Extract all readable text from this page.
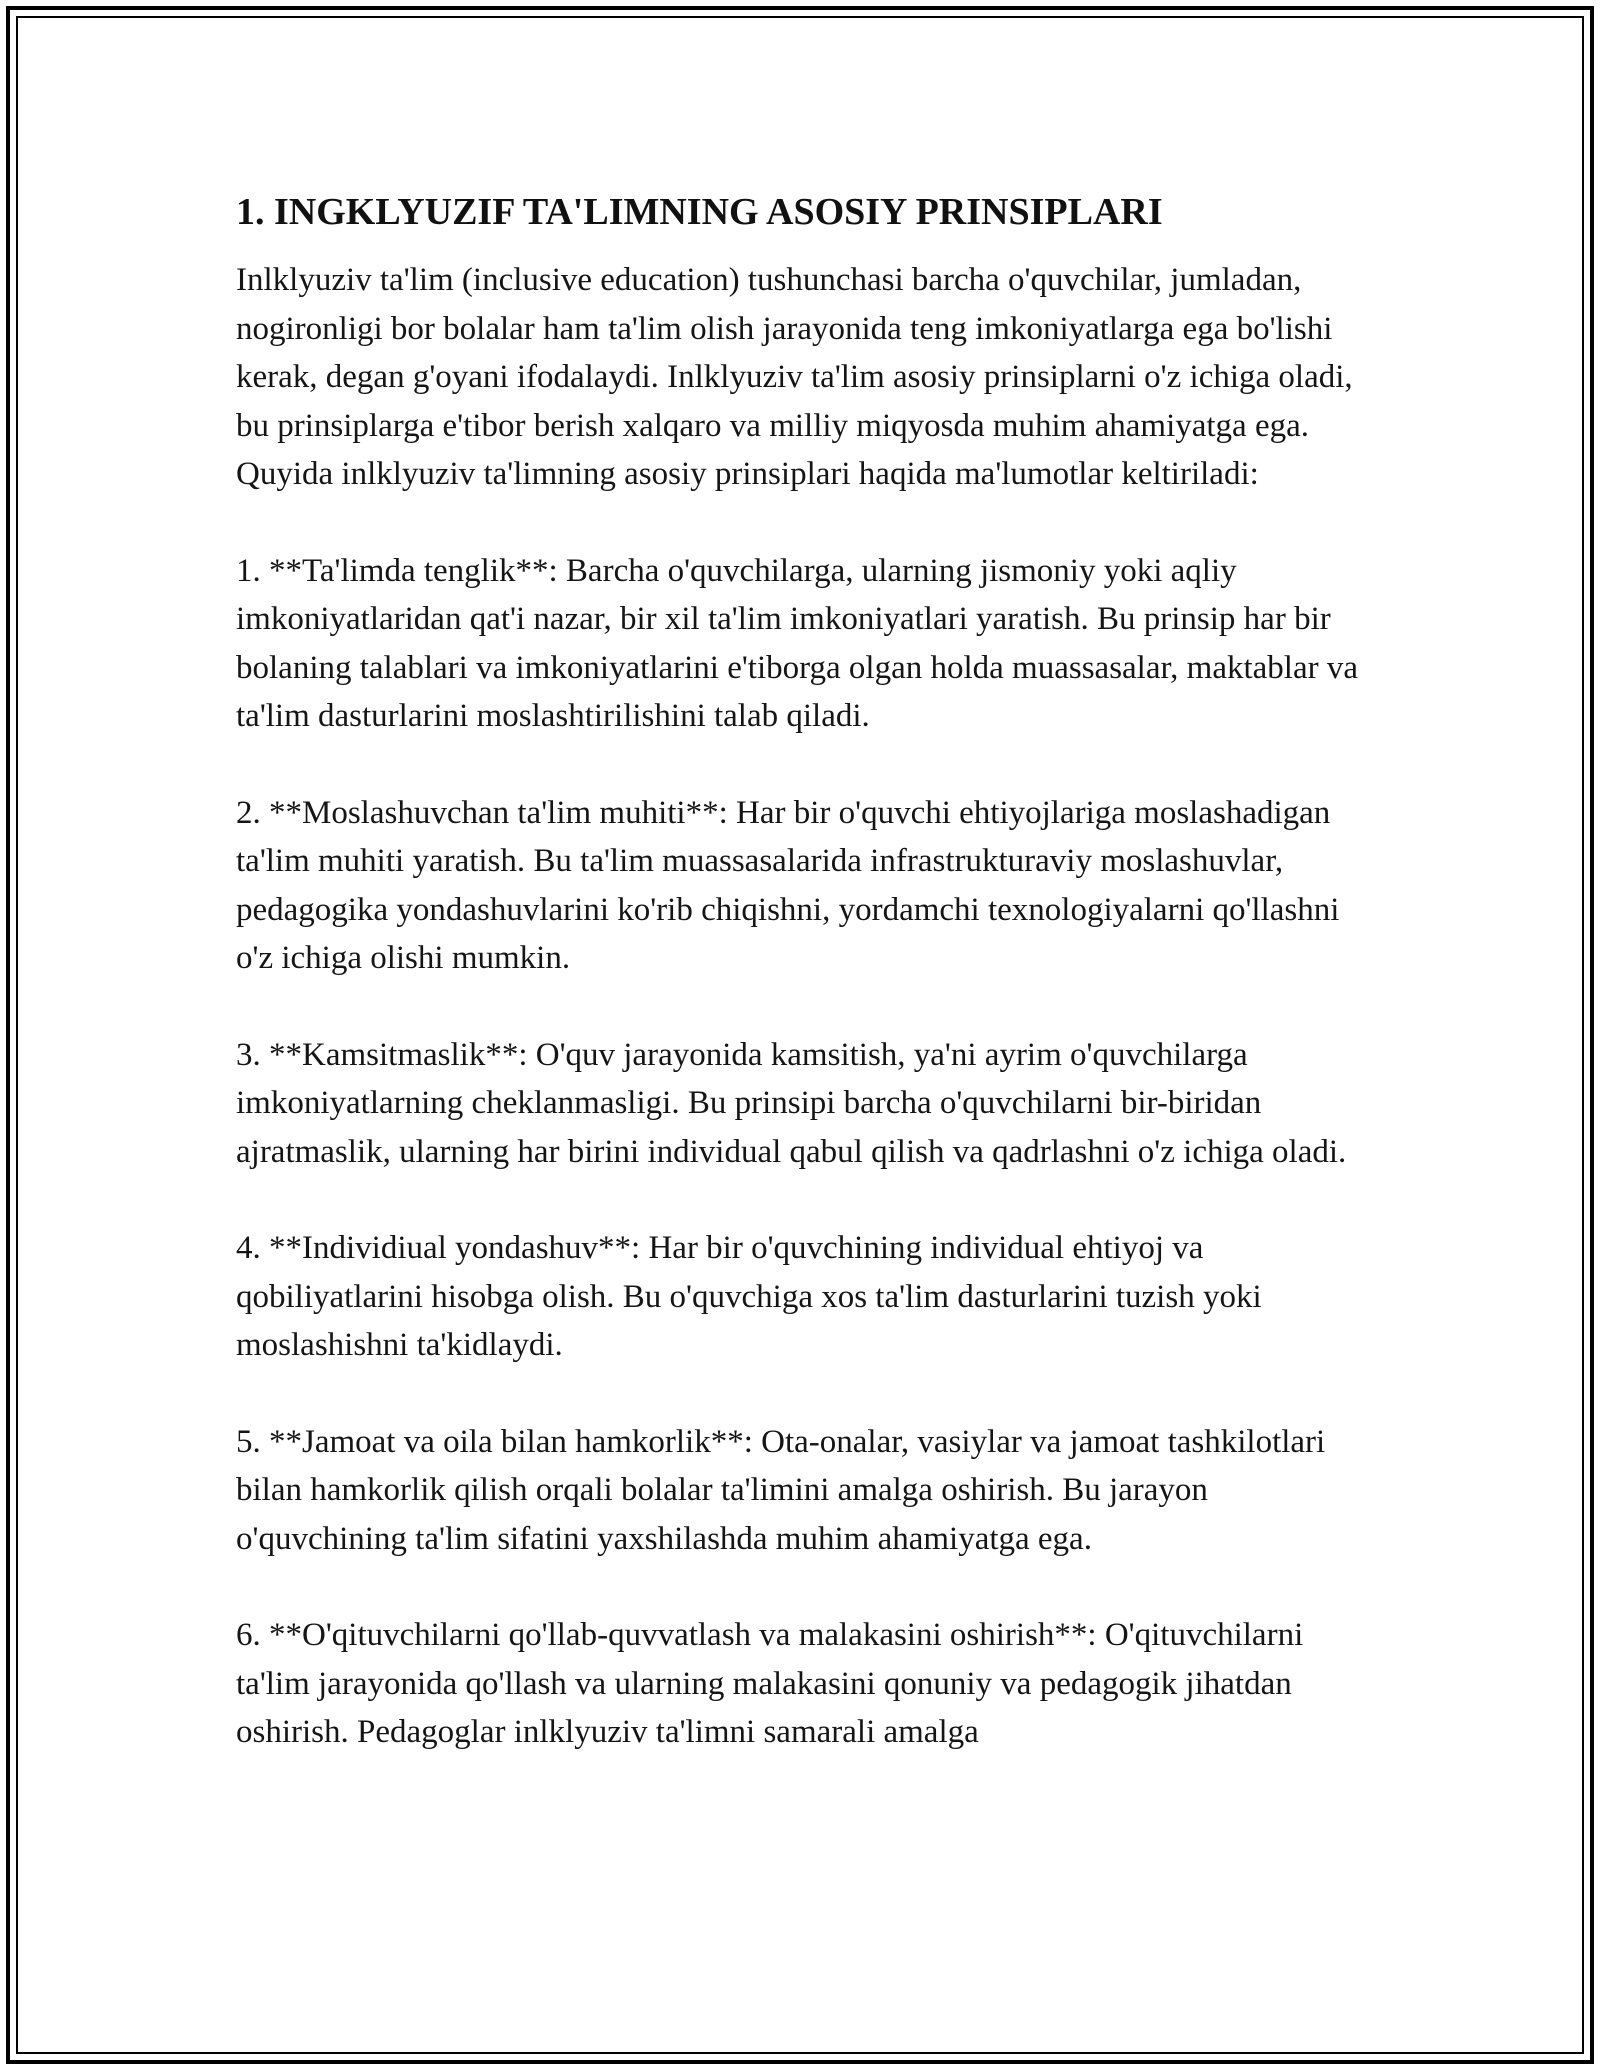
1. INGKLYUZIF TA'LIMNING ASOSIY PRINSIPLARI

Inlklyuziv ta'lim (inclusive education) tushunchasi barcha o'quvchilar, jumladan, nogironligi bor bolalar ham ta'lim olish jarayonida teng imkoniyatlarga ega bo'lishi kerak, degan g'oyani ifodalaydi. Inlklyuziv ta'lim asosiy prinsiplarni o'z ichiga oladi, bu prinsiplarga e'tibor berish xalqaro va milliy miqyosda muhim ahamiyatga ega. Quyida inlklyuziv ta'limning asosiy prinsiplari haqida ma'lumotlar keltiriladi:

1. **Ta'limda tenglik**: Barcha o'quvchilarga, ularning jismoniy yoki aqliy imkoniyatlaridan qat'i nazar, bir xil ta'lim imkoniyatlari yaratish. Bu prinsip har bir bolaning talablari va imkoniyatlarini e'tiborga olgan holda muassasalar, maktablar va ta'lim dasturlarini moslashtirilishini talab qiladi.

2. **Moslashuvchan ta'lim muhiti**: Har bir o'quvchi ehtiyojlariga moslashadigan ta'lim muhiti yaratish. Bu ta'lim muassasalarida infrastrukturaviy moslashuvlar, pedagogika yondashuvlarini ko'rib chiqishni, yordamchi texnologiyalarni qo'llashni o'z ichiga olishi mumkin.

3. **Kamsitmaslik**: O'quv jarayonida kamsitish, ya'ni ayrim o'quvchilarga imkoniyatlarning cheklanmasligi. Bu prinsipi barcha o'quvchilarni bir-biridan ajratmaslik, ularning har birini individual qabul qilish va qadrlashni o'z ichiga oladi.

4. **Individiual yondashuv**: Har bir o'quvchining individual ehtiyoj va qobiliyatlarini hisobga olish. Bu o'quvchiga xos ta'lim dasturlarini tuzish yoki moslashishni ta'kidlaydi.

5. **Jamoat va oila bilan hamkorlik**: Ota-onalar, vasiylar va jamoat tashkilotlari bilan hamkorlik qilish orqali bolalar ta'limini amalga oshirish. Bu jarayon o'quvchining ta'lim sifatini yaxshilashda muhim ahamiyatga ega.

6. **O'qituvchilarni qo'llab-quvvatlash va malakasini oshirish**: O'qituvchilarni ta'lim jarayonida qo'llash va ularning malakasini qonuniy va pedagogik jihatdan oshirish. Pedagoglar inlklyuziv ta'limni samarali amalga
